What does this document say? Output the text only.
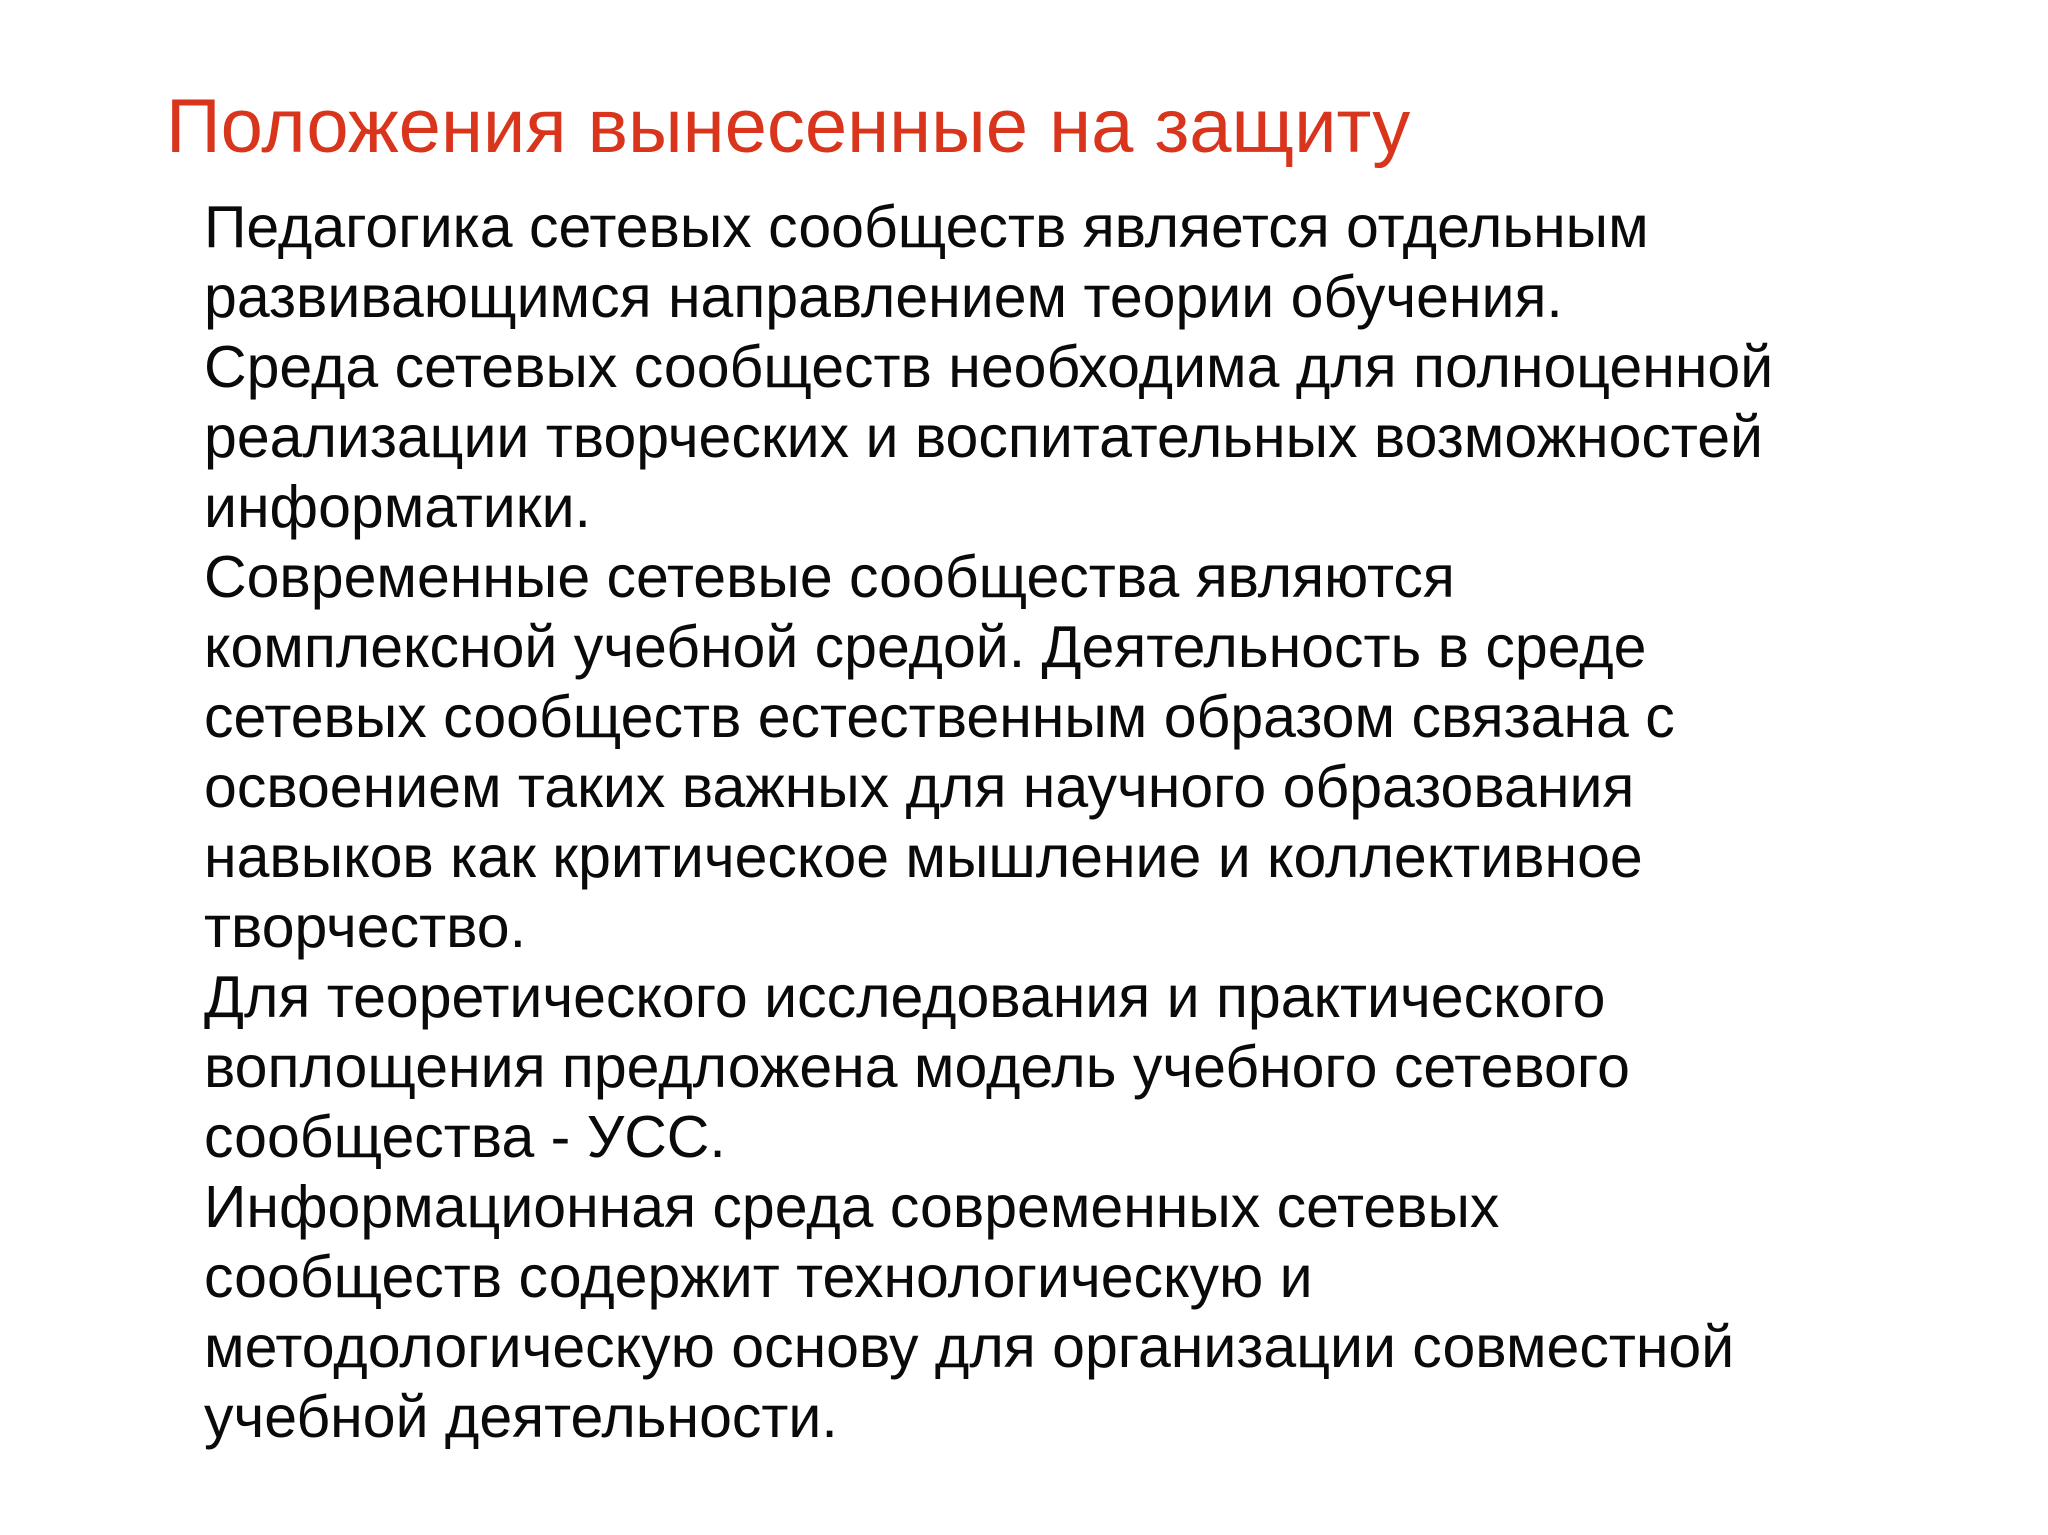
Положения вынесенные на защиту
Педагогика сетевых сообществ является отдельным
развивающимся направлением теории обучения.
Среда сетевых сообществ необходима для полноценной
реализации творческих и воспитательных возможностей
информатики.
Современные сетевые сообщества являются
комплексной учебной средой. Деятельность в среде
сетевых сообществ естественным образом связана с
освоением таких важных для научного образования
навыков как критическое мышление и коллективное
творчество.
Для теоретического исследования и практического
воплощения предложена модель учебного сетевого
сообщества - УСС.
Информационная среда современных сетевых
сообществ содержит технологическую и
методологическую основу для организации совместной
учебной деятельности.
